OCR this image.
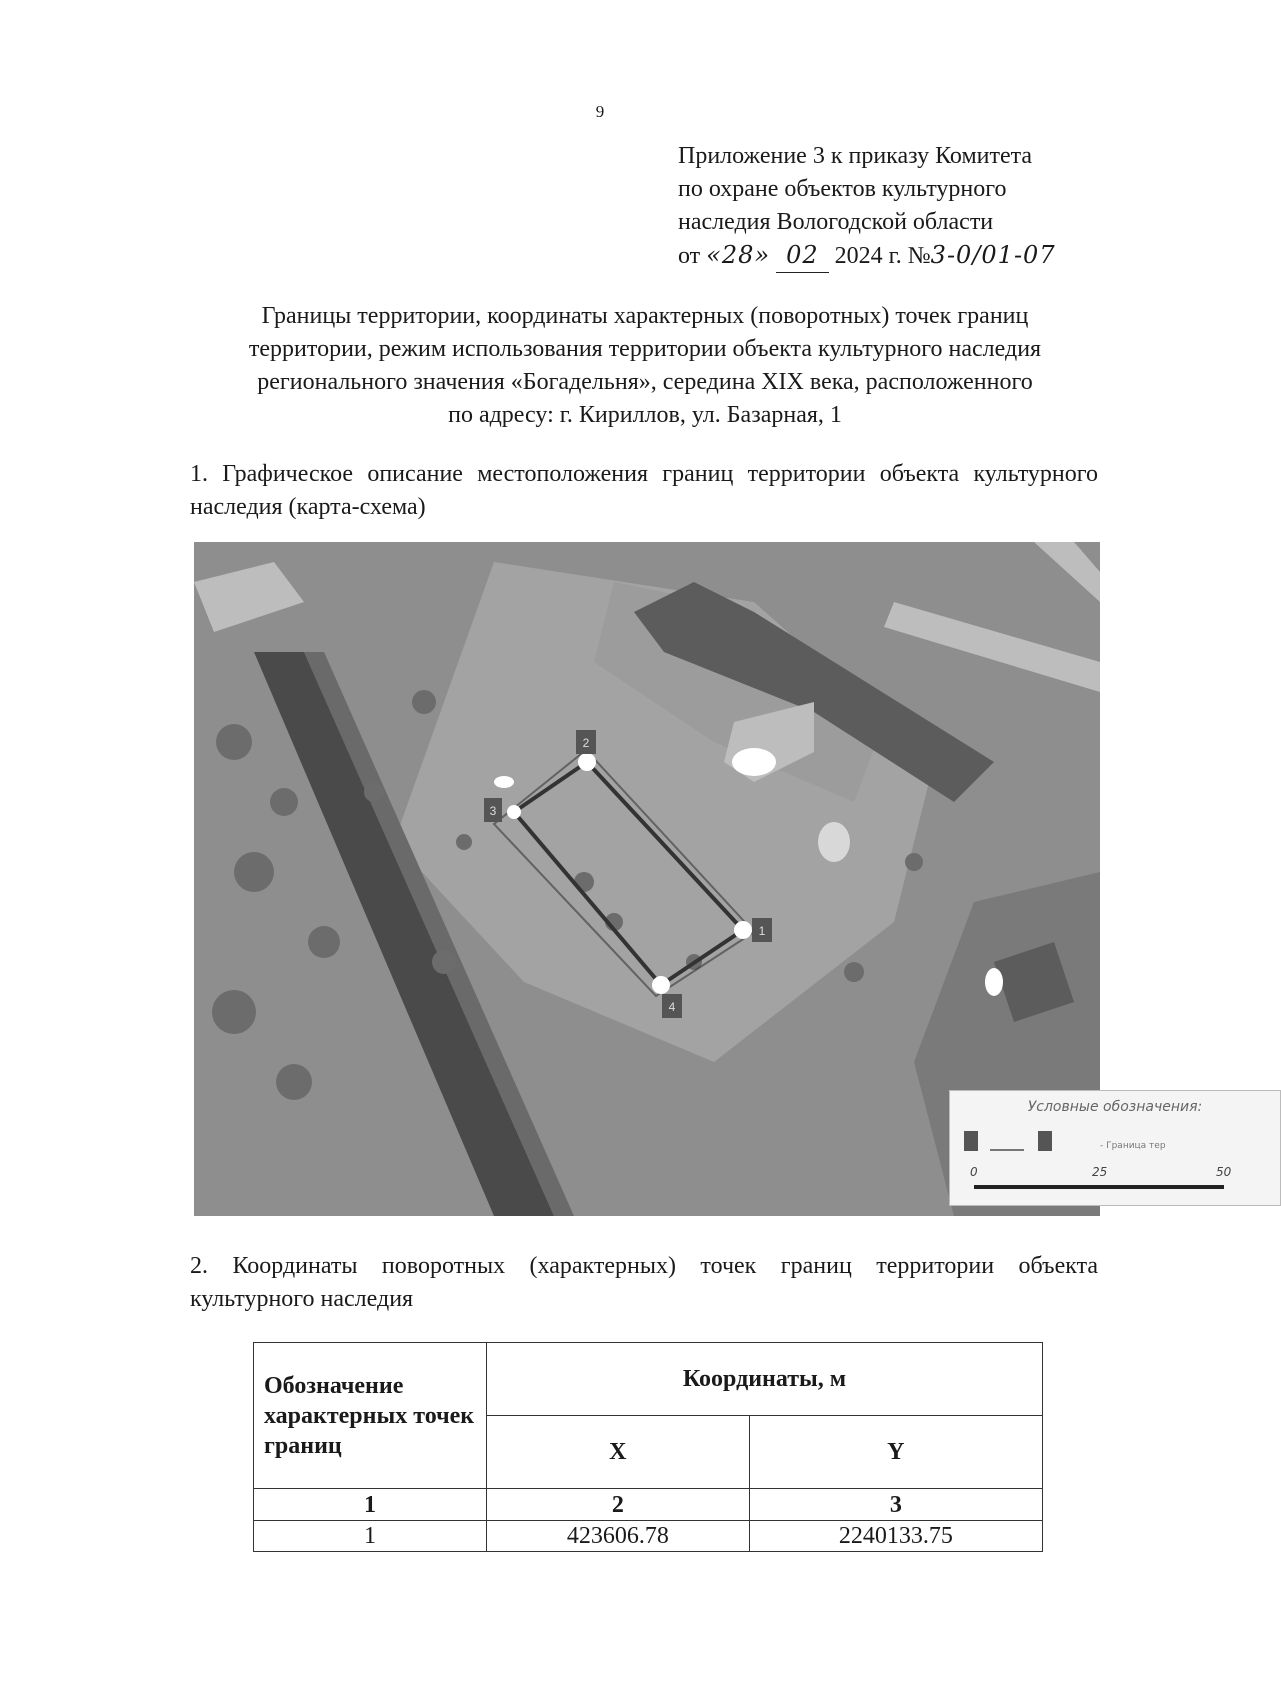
9
Приложение 3 к приказу Комитета
по охране объектов культурного
наследия Вологодской области
от «28» 02 2024 г. №3-0/01-07
Границы территории, координаты характерных (поворотных) точек границ
территории, режим использования территории объекта культурного наследия
регионального значения «Богадельня», середина XIX века, расположенного
по адресу: г. Кириллов, ул. Базарная, 1
1. Графическое описание местоположения границ территории объекта культурного наследия (карта-схема)
1
2
3
4
Условные обозначения:
- Граница тер
0	25	50
2. Координаты поворотных (характерных) точек границ территории объекта культурного наследия
Обозначение характерных точек границ	Координаты, м	
	X	Y
1	2	3
1	423606.78	2240133.75
